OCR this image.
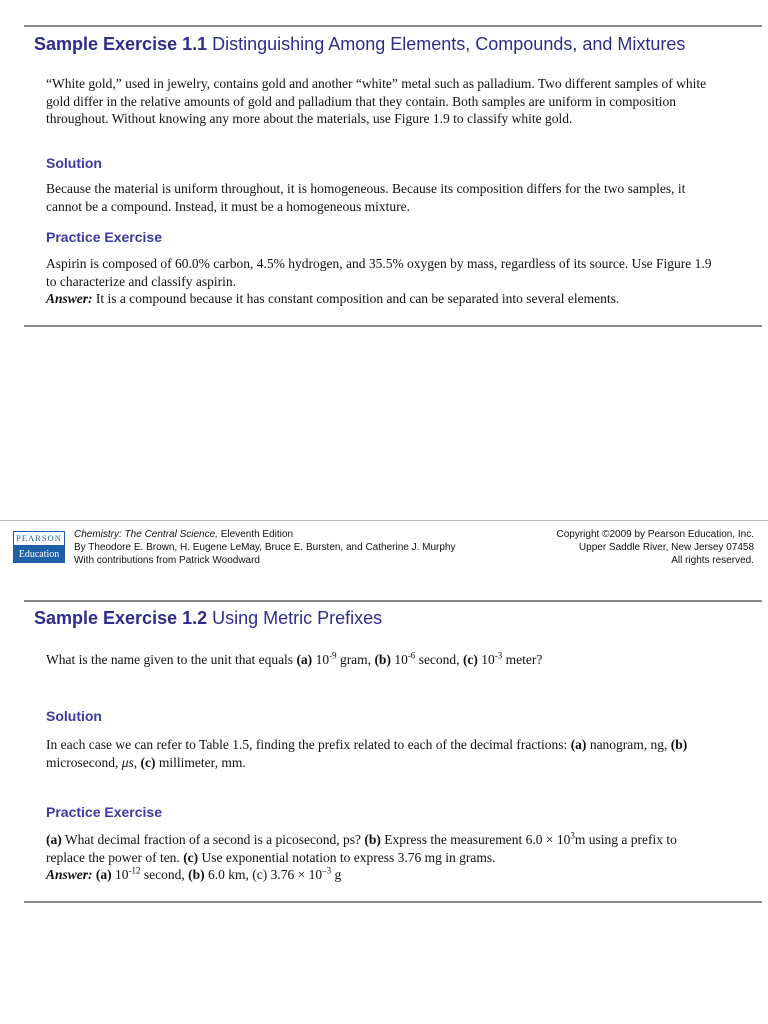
Sample Exercise 1.1 Distinguishing Among Elements, Compounds, and Mixtures

“White gold,” used in jewelry, contains gold and another “white” metal such as palladium. Two different samples of white gold differ in the relative amounts of gold and palladium that they contain. Both samples are uniform in composition throughout. Without knowing any more about the materials, use Figure 1.9 to classify white gold.

Solution

Because the material is uniform throughout, it is homogeneous. Because its composition differs for the two samples, it cannot be a compound. Instead, it must be a homogeneous mixture.

Practice Exercise

Aspirin is composed of 60.0% carbon, 4.5% hydrogen, and 35.5% oxygen by mass, regardless of its source. Use Figure 1.9 to characterize and classify aspirin.

Answer: It is a compound because it has constant composition and can be separated into several elements.

PEARSON
Education
Chemistry: The Central Science, Eleventh Edition
By Theodore E. Brown, H. Eugene LeMay, Bruce E. Bursten, and Catherine J. Murphy
With contributions from Patrick Woodward
Copyright ©2009 by Pearson Education, Inc.
Upper Saddle River, New Jersey 07458
All rights reserved.
Sample Exercise 1.2 Using Metric Prefixes

What is the name given to the unit that equals (a) $10^{-9}$ gram, (b) $10^{-6}$ second, (c) $10^{-3}$ meter?

Solution

In each case we can refer to Table 1.5, finding the prefix related to each of the decimal fractions: (a) nanogram, ng, (b) microsecond, μs, (c) millimeter, mm.

Practice Exercise

(a) What decimal fraction of a second is a picosecond, ps? (b) Express the measurement $6.0 \times 10^3m$ using a prefix to replace the power of ten. (c) Use exponential notation to express 3.76 mg in grams.

Answer: (a) $10^{-12}$ second, (b) 6.0 km, (c) $3.76 \times 10^{-3}$ g
